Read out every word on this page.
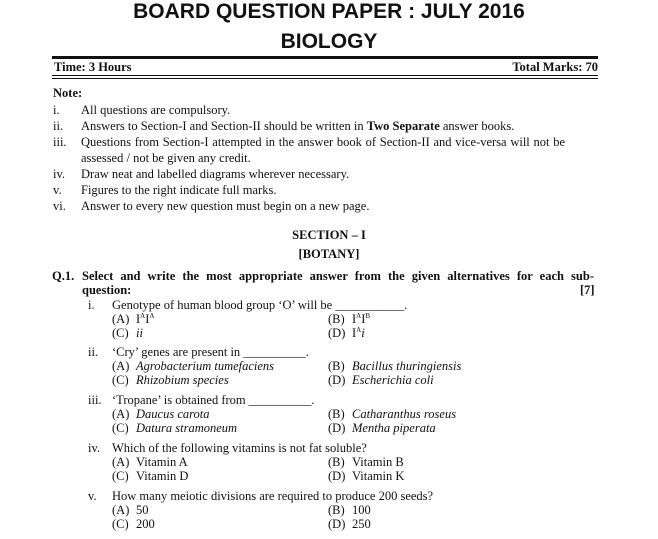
BOARD QUESTION PAPER : JULY 2016
BIOLOGY
Time: 3 Hours	Total Marks: 70
Note:
i. All questions are compulsory.
ii. Answers to Section-I and Section-II should be written in Two Separate answer books.
iii. Questions from Section-I attempted in the answer book of Section-II and vice-versa will not be
assessed / not be given any credit.
iv. Draw neat and labelled diagrams wherever necessary.
v. Figures to the right indicate full marks.
vi. Answer to every new question must begin on a new page.
SECTION – I
[BOTANY]
Q.1. Select and write the most appropriate answer from the given alternatives for each sub-
question:	[7]
i. Genotype of human blood group ‘O’ will be ___________.
(A) $I^AI^A$	(B) $I^AI^B$
(C) ii	(D) $I^Ai$
ii. ‘Cry’ genes are present in __________.
(A) Agrobacterium tumefaciens	(B) Bacillus thuringiensis
(C) Rhizobium species	(D) Escherichia coli
iii. ‘Tropane’ is obtained from __________.
(A) Daucus carota	(B) Catharanthus roseus
(C) Datura stramoneum	(D) Mentha piperata
iv. Which of the following vitamins is not fat soluble?
(A) Vitamin A	(B) Vitamin B
(C) Vitamin D	(D) Vitamin K
v. How many meiotic divisions are required to produce 200 seeds?
(A) 50	(B) 100
(C) 200	(D) 250
